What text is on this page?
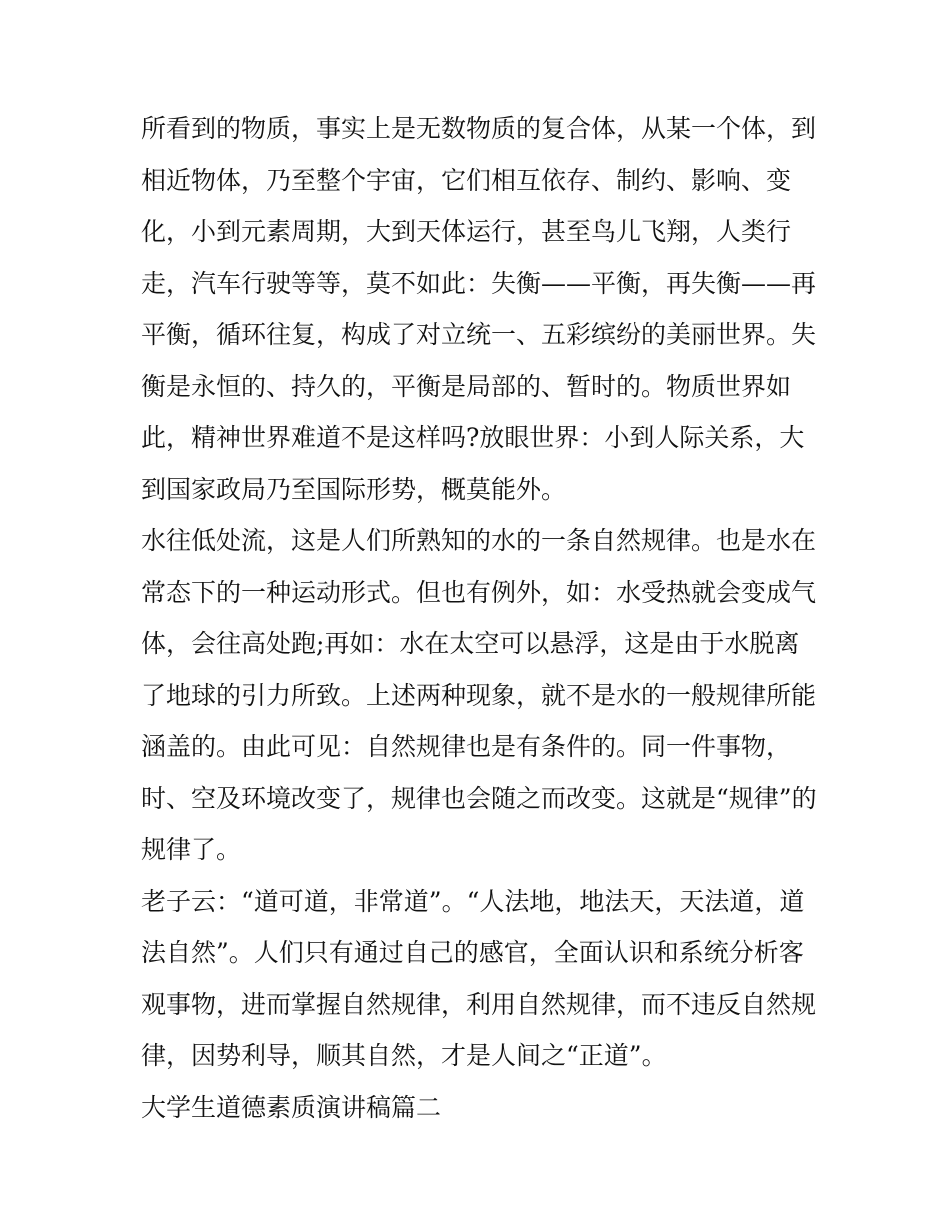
所看到的物质，事实上是无数物质的复合体，从某一个体，到
相近物体，乃至整个宇宙，它们相互依存、制约、影响、变
化，小到元素周期，大到天体运行，甚至鸟儿飞翔，人类行
走，汽车行驶等等，莫不如此：失衡——平衡，再失衡——再
平衡，循环往复，构成了对立统一、五彩缤纷的美丽世界。失
衡是永恒的、持久的，平衡是局部的、暂时的。物质世界如
此，精神世界难道不是这样吗?放眼世界：小到人际关系，大
到国家政局乃至国际形势，概莫能外。
水往低处流，这是人们所熟知的水的一条自然规律。也是水在
常态下的一种运动形式。但也有例外，如：水受热就会变成气
体，会往高处跑;再如：水在太空可以悬浮，这是由于水脱离
了地球的引力所致。上述两种现象，就不是水的一般规律所能
涵盖的。由此可见：自然规律也是有条件的。同一件事物，
时、空及环境改变了，规律也会随之而改变。这就是“规律”的
规律了。
老子云：“道可道，非常道”。“人法地，地法天，天法道，道
法自然”。人们只有通过自己的感官，全面认识和系统分析客
观事物，进而掌握自然规律，利用自然规律，而不违反自然规
律，因势利导，顺其自然，才是人间之“正道”。
大学生道德素质演讲稿篇二
